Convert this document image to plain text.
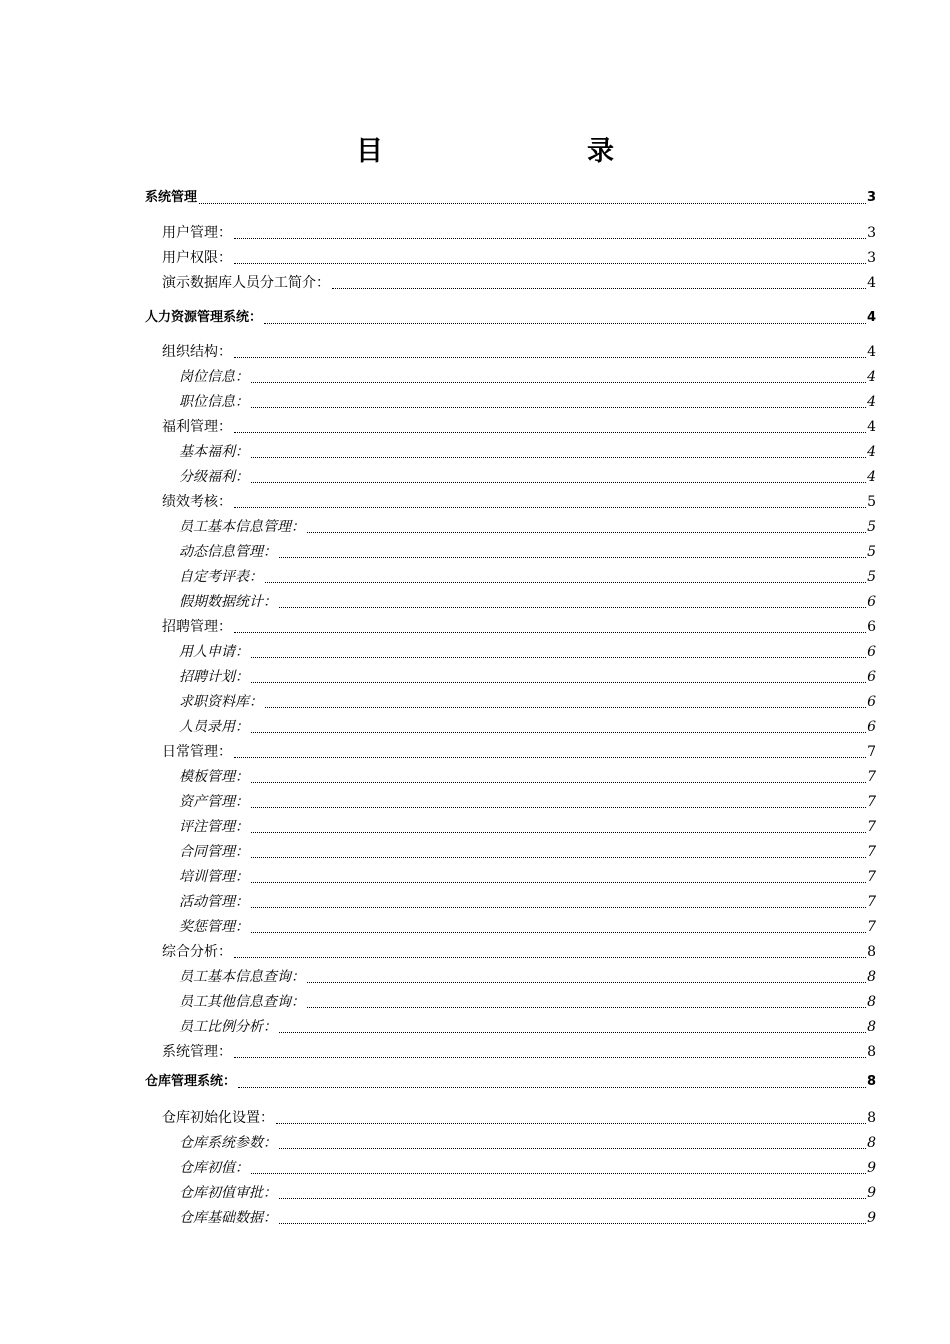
目　　录
系统管理	3
用户管理：	3
用户权限：	3
演示数据库人员分工简介：	4
人力资源管理系统：	4
组织结构：	4
岗位信息：	4
职位信息：	4
福利管理：	4
基本福利：	4
分级福利：	4
绩效考核：	5
员工基本信息管理：	5
动态信息管理：	5
自定考评表：	5
假期数据统计：	6
招聘管理：	6
用人申请：	6
招聘计划：	6
求职资料库：	6
人员录用：	6
日常管理：	7
模板管理：	7
资产管理：	7
评注管理：	7
合同管理：	7
培训管理：	7
活动管理：	7
奖惩管理：	7
综合分析：	8
员工基本信息查询：	8
员工其他信息查询：	8
员工比例分析：	8
系统管理：	8
仓库管理系统：	8
仓库初始化设置：	8
仓库系统参数：	8
仓库初值：	9
仓库初值审批：	9
仓库基础数据：	9
